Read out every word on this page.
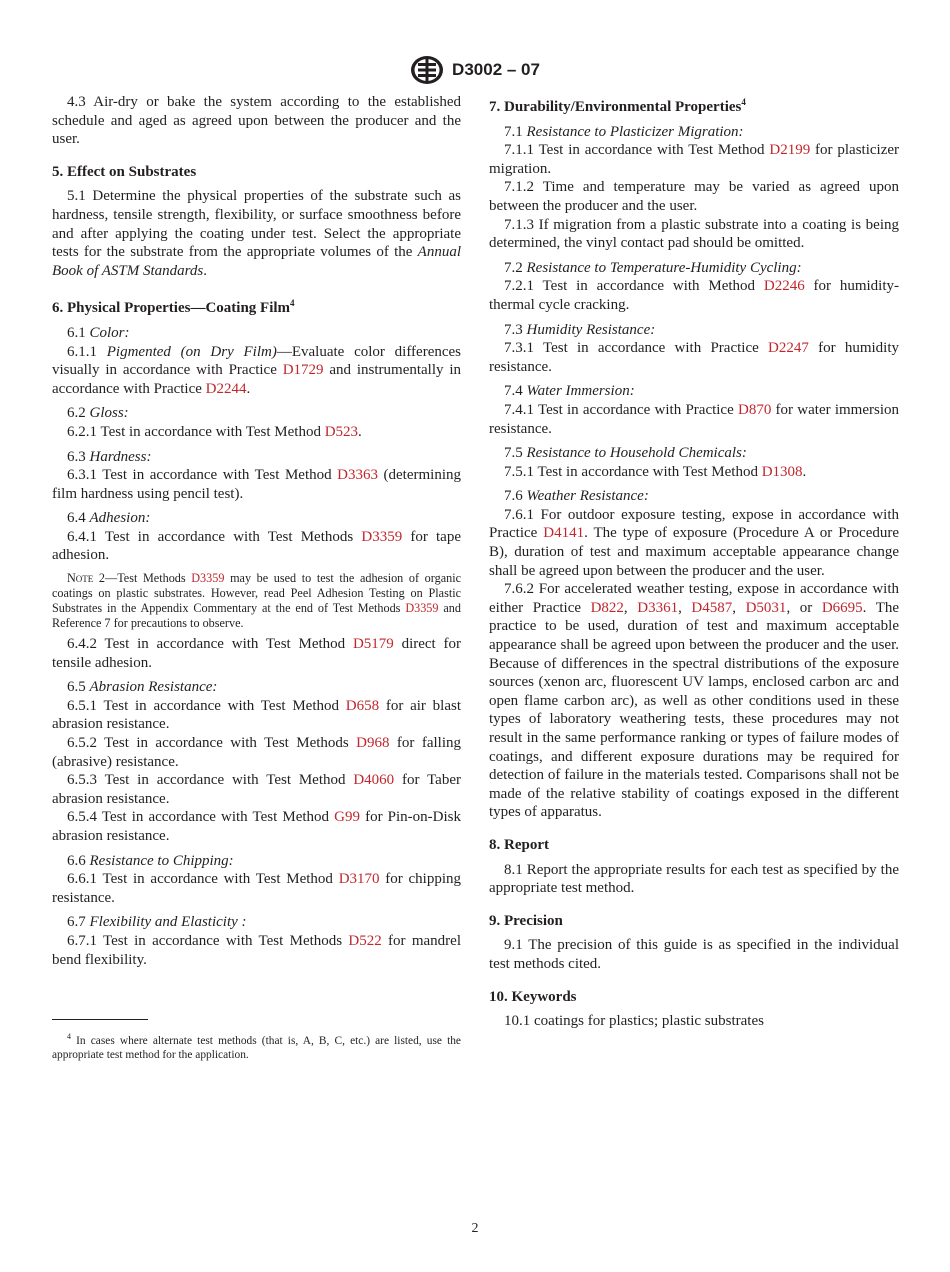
D3002 – 07

4.3 Air-dry or bake the system according to the established schedule and aged as agreed upon between the producer and the user.

5. Effect on Substrates

5.1 Determine the physical properties of the substrate such as hardness, tensile strength, flexibility, or surface smoothness before and after applying the coating under test. Select the appropriate tests for the substrate from the appropriate volumes of the Annual Book of ASTM Standards.

6. Physical Properties—Coating Film$^4$

6.1 Color:

6.1.1 Pigmented (on Dry Film)—Evaluate color differences visually in accordance with Practice D1729 and instrumentally in accordance with Practice D2244.

6.2 Gloss:

6.2.1 Test in accordance with Test Method D523.

6.3 Hardness:

6.3.1 Test in accordance with Test Method D3363 (determining film hardness using pencil test).

6.4 Adhesion:

6.4.1 Test in accordance with Test Methods D3359 for tape adhesion.

Note 2—Test Methods D3359 may be used to test the adhesion of organic coatings on plastic substrates. However, read Peel Adhesion Testing on Plastic Substrates in the Appendix Commentary at the end of Test Methods D3359 and Reference 7 for precautions to observe.

6.4.2 Test in accordance with Test Method D5179 direct for tensile adhesion.

6.5 Abrasion Resistance:

6.5.1 Test in accordance with Test Method D658 for air blast abrasion resistance.

6.5.2 Test in accordance with Test Methods D968 for falling (abrasive) resistance.

6.5.3 Test in accordance with Test Method D4060 for Taber abrasion resistance.

6.5.4 Test in accordance with Test Method G99 for Pin-on-Disk abrasion resistance.

6.6 Resistance to Chipping:

6.6.1 Test in accordance with Test Method D3170 for chipping resistance.

6.7 Flexibility and Elasticity :

6.7.1 Test in accordance with Test Methods D522 for mandrel bend flexibility.

$^4$ In cases where alternate test methods (that is, A, B, C, etc.) are listed, use the appropriate test method for the application.

7. Durability/Environmental Properties$^4$

7.1 Resistance to Plasticizer Migration:

7.1.1 Test in accordance with Test Method D2199 for plasticizer migration.

7.1.2 Time and temperature may be varied as agreed upon between the producer and the user.

7.1.3 If migration from a plastic substrate into a coating is being determined, the vinyl contact pad should be omitted.

7.2 Resistance to Temperature-Humidity Cycling:

7.2.1 Test in accordance with Method D2246 for humidity-thermal cycle cracking.

7.3 Humidity Resistance:

7.3.1 Test in accordance with Practice D2247 for humidity resistance.

7.4 Water Immersion:

7.4.1 Test in accordance with Practice D870 for water immersion resistance.

7.5 Resistance to Household Chemicals:

7.5.1 Test in accordance with Test Method D1308.

7.6 Weather Resistance:

7.6.1 For outdoor exposure testing, expose in accordance with Practice D4141. The type of exposure (Procedure A or Procedure B), duration of test and maximum acceptable appearance change shall be agreed upon between the producer and the user.

7.6.2 For accelerated weather testing, expose in accordance with either Practice D822, D3361, D4587, D5031, or D6695. The practice to be used, duration of test and maximum acceptable appearance shall be agreed upon between the producer and the user. Because of differences in the spectral distributions of the exposure sources (xenon arc, fluorescent UV lamps, enclosed carbon arc and open flame carbon arc), as well as other conditions used in these types of laboratory weathering tests, these procedures may not result in the same performance ranking or types of failure modes of coatings, and different exposure durations may be required for detection of failure in the materials tested. Comparisons shall not be made of the relative stability of coatings exposed in the different types of apparatus.

8. Report

8.1 Report the appropriate results for each test as specified by the appropriate test method.

9. Precision

9.1 The precision of this guide is as specified in the individual test methods cited.

10. Keywords

10.1 coatings for plastics; plastic substrates

2
